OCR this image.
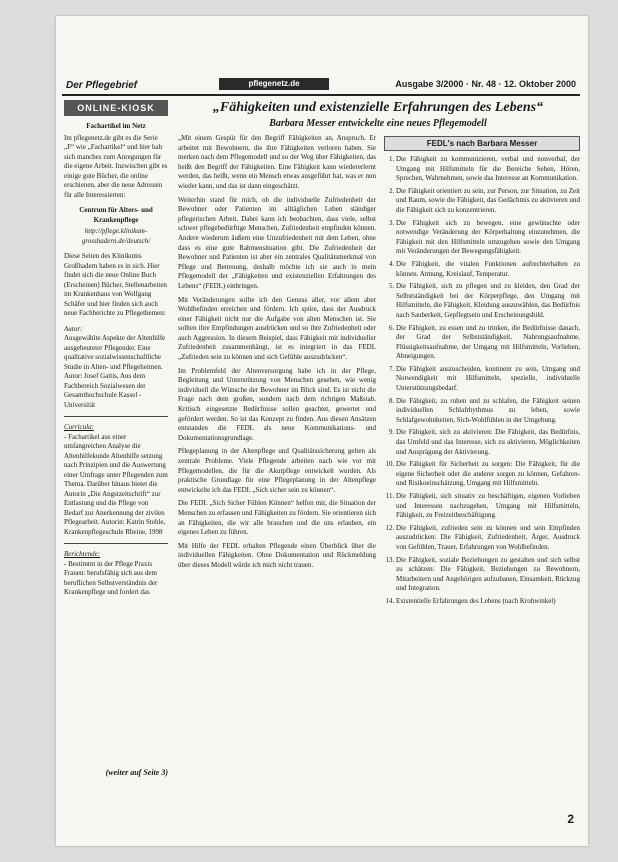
Der Pflegebrief	pflegenetz.de	Ausgabe 3/2000 · Nr. 48 · 12. Oktober 2000
ONLINE-KIOSK
Fachartikel im Netz

Im pflegenetz.de gibt es die Serie „F“ wie „Fachartikel“ und hier hab sich manches zum Anregungen für die eigene Arbeit. Inzwischen gibt es einige gute Bücher, die online erschienen, aber die neue Adressen für alle Interessierten:

Centrum für Alters- und Krankenpflege

http://pflege.klinikum-grosshadern.de/deutsch/

Diese Seiten des Klinikums Großhadern haben es in sich. Hier findet sich die neue Online Buch (Erscheinen) Bücher, Stellenarbeiten im Krankenhaus von Wolfgang Schäfer und hier finden sich auch neue Fachberichte zu Pflegethemen:

Autor:

Ausgewählte Aspekte der Altenhilfe ausgebeuteter Pflegender. Eine qualitative sozialwissenschaftliche Studie in Alten- und Pflegeheimen. Autor: Josef Gattis, Aus dem Fachbereich Sozialwesen der Gesamthochschule Kassel - Universität

Curricula:

- Fachartikel aus einer umfangreichen Analyse die Altenhilfekunde Altenhilfe setzung nach Prinzipien und die Auswertung einer Umfrage unter Pflegenden zum Thema. Darüber hinaus bietet die Autorin „Die Angstzeitschrift“ zur Entlastung und die Pflege von Bedarf zur Anerkennung der zivilen Pflegearbeit. Autorin: Katrin Stehle, Krankenpflegeschule Rheine, 1998

Berichtende:

- Bestimmt in der Pflege Praxis Frauen: berufsfähig sich aus dem beruflichen Selbstverständnis der Krankenpflege und fordert das

(weiter auf Seite 3)
„Fähigkeiten und existenzielle Erfahrungen des Lebens“
Barbara Messer entwickelte eine neues Pflegemodell

„Mit einem Gespür für den Begriff Fähigkeiten an, Anspruch. Er arbeitet mit Bewohnern, die ihre Fähigkeiten verloren haben. Sie merken nach dem Pflegemodell und so der Weg über Fähigkeiten, das heißt den Begriff der Fähigkeiten. Eine Fähigkeit kann wiedererlernt werden, das heißt, wenn ein Mensch etwas ausgeführt hat, was er nun wieder kann, und das ist dann eingeschätzt.

Weiterhin stand für mich, ob die individuelle Zufriedenheit der Bewohner oder Patienten im alltäglichen Leben ständiger pflegerischen Arbeit. Dabei kann ich beobachten, dass viele, selbst schwer pflegebedürftige Menschen, Zufriedenheit empfinden können. Andere wiederum äußern eine Unzufriedenheit mit dem Leben, ohne dass es eine gute Rahmensituation gibt. Die Zufriedenheit der Bewohner und Patienten ist aber ein zentrales Qualitätsmerkmal von Pflege und Betreuung, deshalb möchte ich sie auch in mein Pflegemodell der „Fähigkeiten und existenziellen Erfahrungen des Lebens“ (FEDL) einbringen.

Mit Veränderungen sollte ich den Genuss aller, vor allem aber Wohlbefinden erreichen und fördern. Ich spüre, dass der Ausdruck einer Fähigkeit nicht nur die Aufgabe von alten Menschen ist. Sie sollten ihre Empfindungen ausdrücken und so ihre Zufriedenheit oder auch Aggression. In diesem Beispiel, dass Fähigkeit mit individueller Zufriedenheit zusammenhängt, ist es integriert in das FEDL „Zufrieden sein zu können und sich Gefühle auszudrücken“.

Im Problemfeld der Altenversorgung habe ich in der Pflege, Begleitung und Unterstützung von Menschen gesehen, wie wenig individuell die Wünsche der Bewohner im Blick sind. Es ist nicht die Frage nach dem großen, sondern nach dem richtigen Maßstab. Kritisch eingesetzte Bedürfnisse sollen geachtet, gewertet und gefördert werden. So ist das Konzept zu finden. Aus diesen Ansätzen entstanden die FEDL als neue Kommunikations- und Dokumentationsgrundlage.

Pflegeplanung in der Altenpflege und Qualitätssicherung gelten als zentrale Probleme. Viele Pflegende arbeiten nach wie vor mit Pflegemodellen, die für die Akutpflege entwickelt wurden. Als praktische Grundlage für eine Pflegeplanung in der Altenpflege entwickelte ich das FEDL „Sich sicher sein zu können“.

Die FEDL „Sich Sicher Fühlen Können“ helfen mir, die Situation der Menschen zu erfassen und Fähigkeiten zu fördern. Sie orientieren sich an Fähigkeiten, die wir alle brauchen und die uns erlauben, ein eigenes Leben zu führen.

Mit Hilfe der FEDL erhalten Pflegende einen Überblick über die individuellen Fähigkeiten. Ohne Dokumentation und Rückmeldung über dieses Modell würde ich mich nicht trauen.

FEDL's nach Barbara Messer
1. Die Fähigkeit zu kommunizieren, verbal und nonverbal, der Umgang mit Hilfsmitteln für die Bereiche Sehen, Hören, Sprechen, Wahrnehmen, sowie das Interesse an Kommunikation.
2. Die Fähigkeit orientiert zu sein, zur Person, zur Situation, zu Zeit und Raum, sowie die Fähigkeit, das Gedächtnis zu aktivieren und die Fähigkeit sich zu konzentrieren.
3. Die Fähigkeit sich zu bewegen, eine gewünschte oder notwendige Veränderung der Körperhaltung einzunehmen, die Fähigkeit mit den Hilfsmitteln umzugehen sowie den Umgang mit Veränderungen der Bewegungsfähigkeit.
4. Die Fähigkeit, die vitalen Funktionen aufrechterhalten zu können. Atmung, Kreislauf, Temperatur.
5. Die Fähigkeit, sich zu pflegen und zu kleiden, den Grad der Selbstständigkeit bei der Körperpflege, den Umgang mit Hilfsmitteln, die Fähigkeit, Kleidung auszuwählen, das Bedürfnis nach Sauberkeit, Gepflegtsein und Erscheinungsbild.
6. Die Fähigkeit, zu essen und zu trinken, die Bedürfnisse danach, der Grad der Selbstständigkeit, Nahrungsaufnahme, Flüssigkeitsaufnahme, der Umgang mit Hilfsmitteln, Vorlieben, Abneigungen.
7. Die Fähigkeit auszuscheiden, kontinent zu sein, Umgang und Notwendigkeit mit Hilfsmitteln, spezielle, individuelle Unterstützungsbedarf.
8. Die Fähigkeit, zu ruhen und zu schlafen, die Fähigkeit seinen individuellen Schlafrhythmus zu leben, sowie Schlafgewohnheiten, Sich-Wohlfühlen in der Umgebung.
9. Die Fähigkeit, sich zu aktivieren: Die Fähigkeit, das Bedürfnis, das Umfeld und das Interesse, sich zu aktivieren, Möglichkeiten und Ausprägung der Aktivierung.
10. Die Fähigkeit für Sicherheit zu sorgen: Die Fähigkeit, für die eigene Sicherheit oder die anderer sorgen zu können, Gefahren- und Risikoeinschätzung, Umgang mit Hilfsmitteln.
11. Die Fähigkeit, sich situativ zu beschäftigen, eigenen Vorlieben und Interessen nachzugehen, Umgang mit Hilfsmitteln, Fähigkeit, zu Freizeitbeschäftigung.
12. Die Fähigkeit, zufrieden sein zu können und sein Empfinden auszudrücken: Die Fähigkeit, Zufriedenheit, Ärger, Ausdruck von Gefühlen, Trauer, Erfahrungen von Wohlbefinden.
13. Die Fähigkeit, soziale Beziehungen zu gestalten und sich selbst zu schätzen: Die Fähigkeit, Beziehungen zu Bewohnern, Mitarbeitern und Angehörigen aufzubauen, Einsamkeit, Rückzug und Integration.
14. Existentielle Erfahrungen des Lebens (nach Krohwinkel)
2
